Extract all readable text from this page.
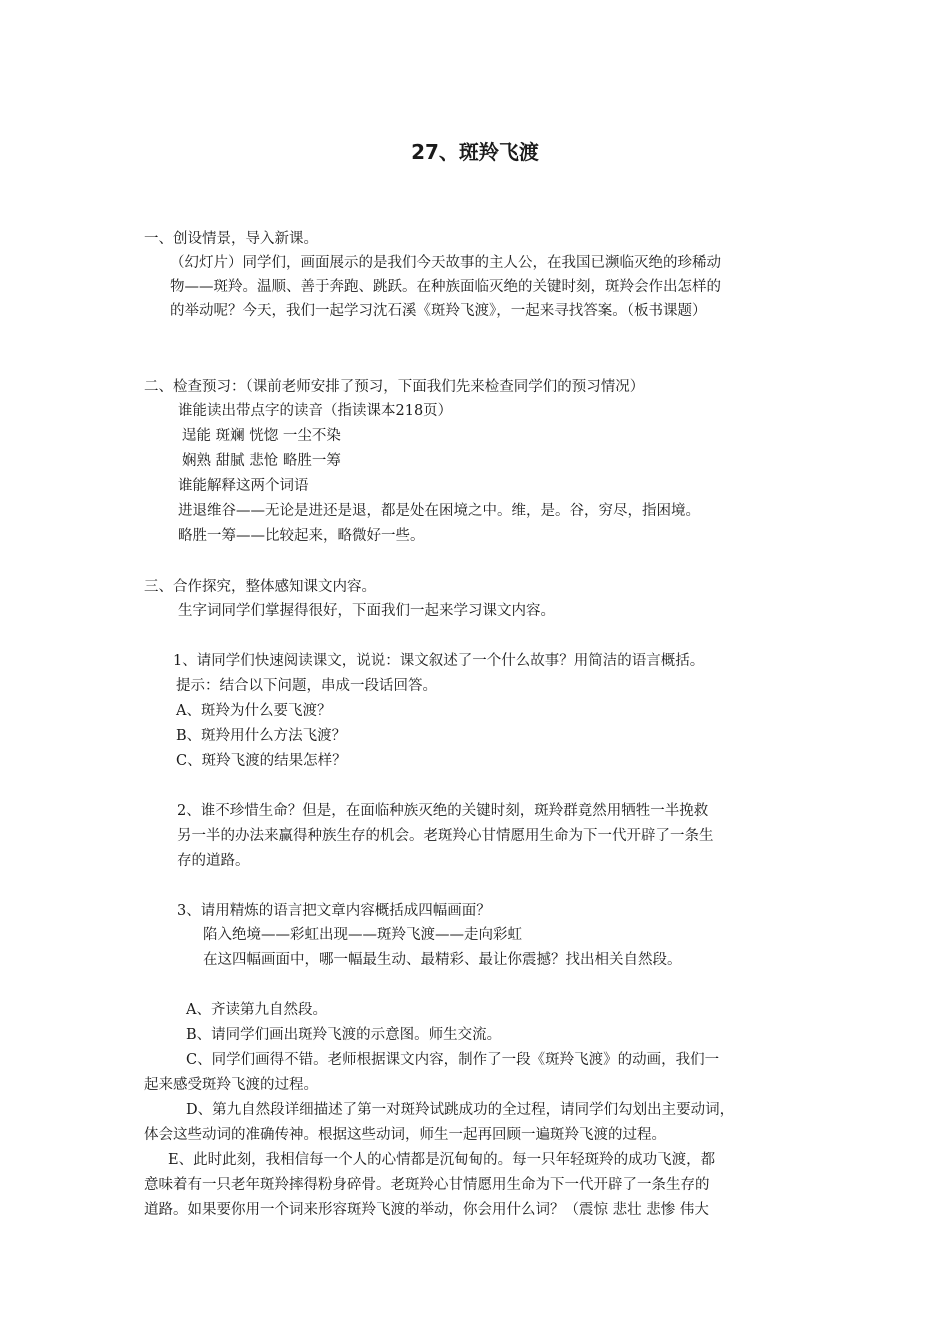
27、斑羚飞渡
一、创设情景，导入新课。
（幻灯片）同学们，画面展示的是我们今天故事的主人公，在我国已濒临灭绝的珍稀动
物——斑羚。温顺、善于奔跑、跳跃。在种族面临灭绝的关键时刻，斑羚会作出怎样的
的举动呢？今天，我们一起学习沈石溪《斑羚飞渡》，一起来寻找答案。（板书课题）
二、检查预习：（课前老师安排了预习，下面我们先来检查同学们的预习情况）
谁能读出带点字的读音（指读课本218页）
逞能 斑斓 恍惚 一尘不染
娴熟 甜腻 悲怆 略胜一筹
谁能解释这两个词语
进退维谷——无论是进还是退，都是处在困境之中。维，是。谷，穷尽，指困境。
略胜一筹——比较起来，略微好一些。
三、合作探究，整体感知课文内容。
生字词同学们掌握得很好，下面我们一起来学习课文内容。
1、请同学们快速阅读课文，说说：课文叙述了一个什么故事？用简洁的语言概括。
提示：结合以下问题，串成一段话回答。
A、斑羚为什么要飞渡？
B、斑羚用什么方法飞渡？
C、斑羚飞渡的结果怎样？
2、谁不珍惜生命？但是，在面临种族灭绝的关键时刻，斑羚群竟然用牺牲一半挽救
另一半的办法来赢得种族生存的机会。老斑羚心甘情愿用生命为下一代开辟了一条生
存的道路。
3、请用精炼的语言把文章内容概括成四幅画面？
陷入绝境——彩虹出现——斑羚飞渡——走向彩虹
在这四幅画面中，哪一幅最生动、最精彩、最让你震撼？找出相关自然段。
A、齐读第九自然段。
B、请同学们画出斑羚飞渡的示意图。师生交流。
C、同学们画得不错。老师根据课文内容，制作了一段《斑羚飞渡》的动画，我们一
起来感受斑羚飞渡的过程。
D、第九自然段详细描述了第一对斑羚试跳成功的全过程，请同学们勾划出主要动词，
体会这些动词的准确传神。根据这些动词，师生一起再回顾一遍斑羚飞渡的过程。
E、此时此刻，我相信每一个人的心情都是沉甸甸的。每一只年轻斑羚的成功飞渡，都
意味着有一只老年斑羚摔得粉身碎骨。老斑羚心甘情愿用生命为下一代开辟了一条生存的
道路。如果要你用一个词来形容斑羚飞渡的举动，你会用什么词？（震惊 悲壮 悲惨 伟大
